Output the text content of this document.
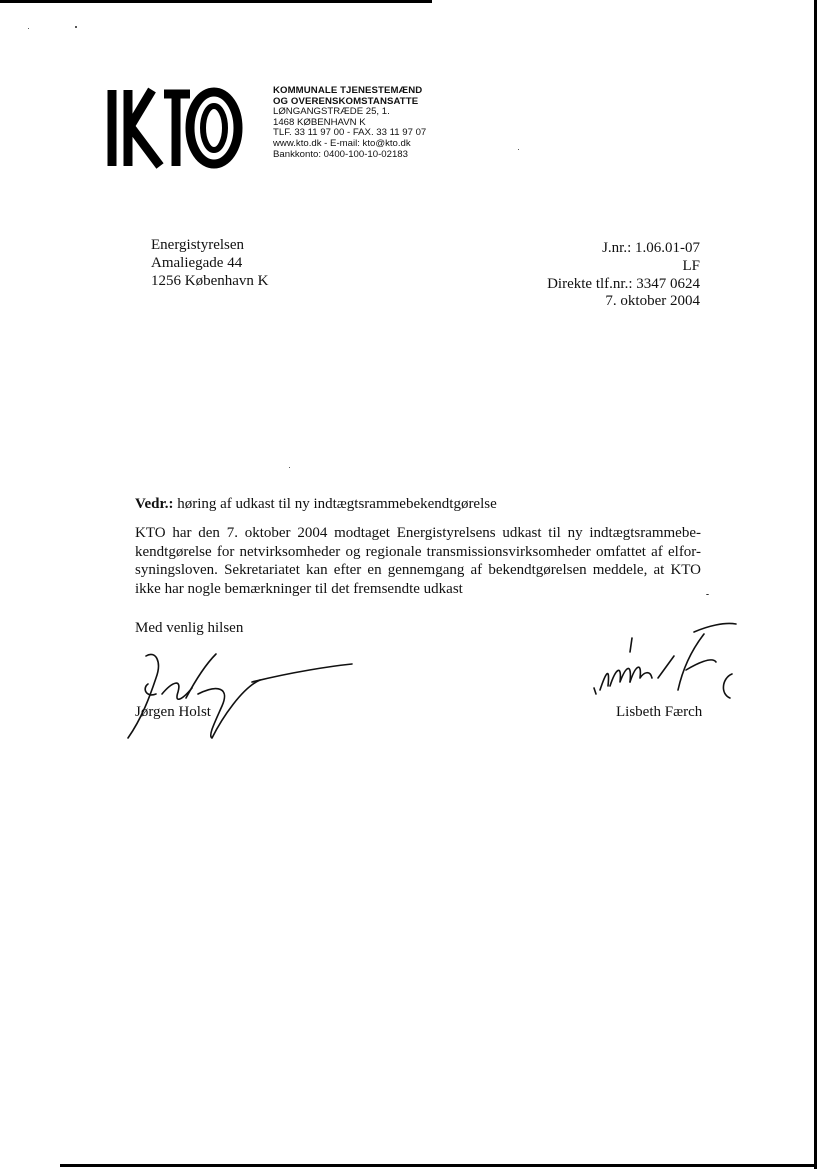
KOMMUNALE TJENESTEMÆND
OG OVERENSKOMSTANSATTE
LØNGANGSTRÆDE 25, 1.
1468 KØBENHAVN K
TLF. 33 11 97 00 - FAX. 33 11 97 07
www.kto.dk - E-mail: kto@kto.dk
Bankkonto: 0400-100-10-02183
Energistyrelsen
Amaliegade 44
1256 København K
J.nr.: 1.06.01-07
LF
Direkte tlf.nr.: 3347 0624
7. oktober 2004
Vedr.: høring af udkast til ny indtægtsrammebekendtgørelse

KTO har den 7. oktober 2004 modtaget Energistyrelsens udkast til ny indtægtsrammebe-

kendtgørelse for netvirksomheder og regionale transmissionsvirksomheder omfattet af elfor-

syningsloven. Sekretariatet kan efter en gennemgang af bekendtgørelsen meddele, at KTO

ikke har nogle bemærkninger til det fremsendte udkast

Med venlig hilsen
Jørgen Holst	Lisbeth Færch
